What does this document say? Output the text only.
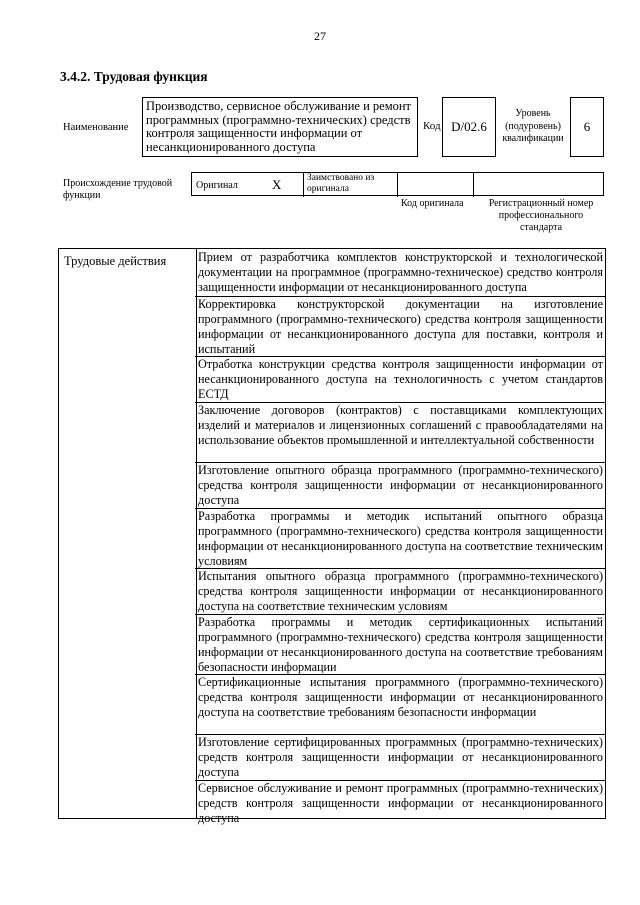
27
3.4.2. Трудовая функция
Наименование
Производство, сервисное обслуживание и ремонт программных (программно-технических) средств контроля защищенности информации от несанкционированного доступа
Код D/02.6
Уровень (подуровень) квалификации
6
Происхождение трудовой функции
Оригинал	X	Заимствовано из оригинала
Код оригинала	Регистрационный номер профессионального стандарта
Трудовые действия	Прием от разработчика комплектов конструкторской и технологической документации на программное (программно-техническое) средство контроля защищенности информации от несанкционированного доступа
Корректировка конструкторской документации на изготовление программного (программно-технического) средства контроля защищенности информации от несанкционированного доступа для поставки, контроля и испытаний
Отработка конструкции средства контроля защищенности информации от несанкционированного доступа на технологичность с учетом стандартов ЕСТД
Заключение договоров (контрактов) с поставщиками комплектующих изделий и материалов и лицензионных соглашений с правообладателями на использование объектов промышленной и интеллектуальной собственности
Изготовление опытного образца программного (программно-технического) средства контроля защищенности информации от несанкционированного доступа
Разработка программы и методик испытаний опытного образца программного (программно-технического) средства контроля защищенности информации от несанкционированного доступа на соответствие техническим условиям
Испытания опытного образца программного (программно-технического) средства контроля защищенности информации от несанкционированного доступа на соответствие техническим условиям
Разработка программы и методик сертификационных испытаний программного (программно-технического) средства контроля защищенности информации от несанкционированного доступа на соответствие требованиям безопасности информации
Сертификационные испытания программного (программно-технического) средства контроля защищенности информации от несанкционированного доступа на соответствие требованиям безопасности информации
Изготовление сертифицированных программных (программно-технических) средств контроля защищенности информации от несанкционированного доступа
Сервисное обслуживание и ремонт программных (программно-технических) средств контроля защищенности информации от несанкционированного доступа
